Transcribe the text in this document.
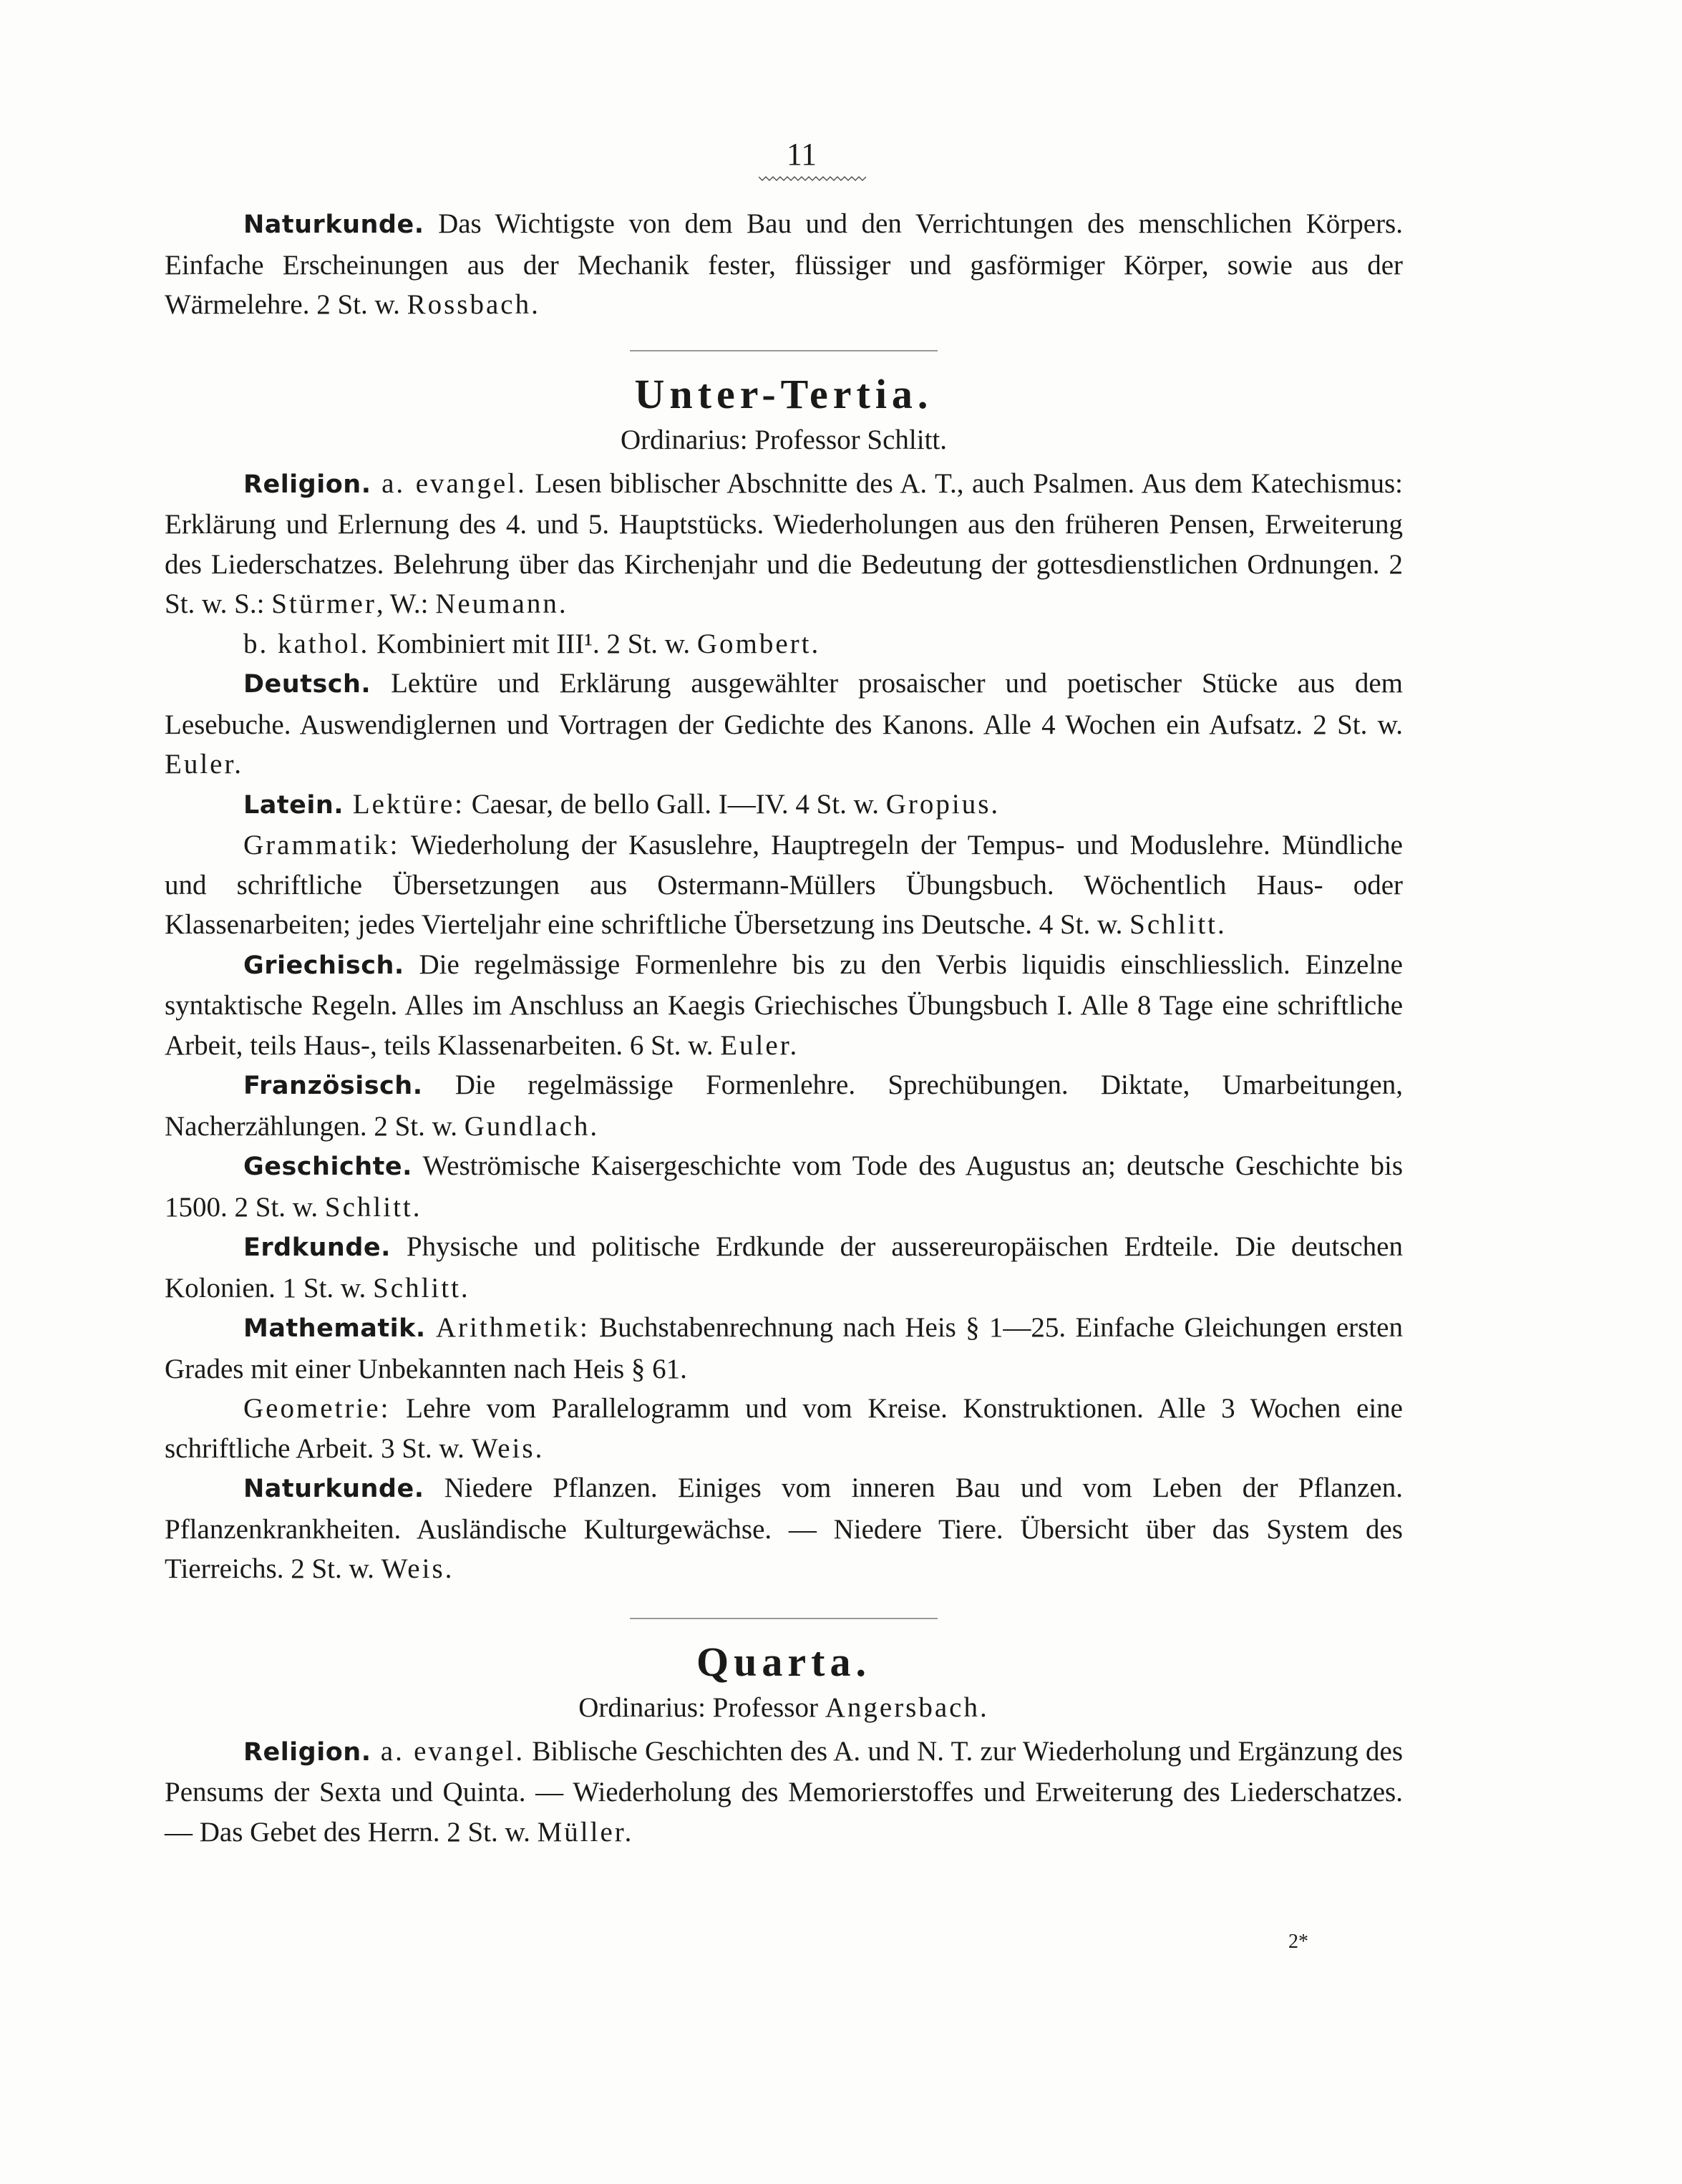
11

Naturkunde. Das Wichtigste von dem Bau und den Verrichtungen des menschlichen Körpers. Einfache Erscheinungen aus der Mechanik fester, flüssiger und gasförmiger Körper, sowie aus der Wärmelehre. 2 St. w. Rossbach.

Unter-Tertia.
Ordinarius: Professor Schlitt.

Religion. a. evangel. Lesen biblischer Abschnitte des A. T., auch Psalmen. Aus dem Katechismus: Erklärung und Erlernung des 4. und 5. Hauptstücks. Wiederholungen aus den früheren Pensen, Erweiterung des Liederschatzes. Belehrung über das Kirchenjahr und die Bedeutung der gottesdienstlichen Ordnungen. 2 St. w. S.: Stürmer, W.: Neumann.

b. kathol. Kombiniert mit III¹. 2 St. w. Gombert.

Deutsch. Lektüre und Erklärung ausgewählter prosaischer und poetischer Stücke aus dem Lesebuche. Auswendiglernen und Vortragen der Gedichte des Kanons. Alle 4 Wochen ein Aufsatz. 2 St. w. Euler.

Latein. Lektüre: Caesar, de bello Gall. I—IV. 4 St. w. Gropius.

Grammatik: Wiederholung der Kasuslehre, Hauptregeln der Tempus- und Moduslehre. Mündliche und schriftliche Übersetzungen aus Ostermann-Müllers Übungsbuch. Wöchentlich Haus- oder Klassenarbeiten; jedes Vierteljahr eine schriftliche Übersetzung ins Deutsche. 4 St. w. Schlitt.

Griechisch. Die regelmässige Formenlehre bis zu den Verbis liquidis einschliesslich. Einzelne syntaktische Regeln. Alles im Anschluss an Kaegis Griechisches Übungsbuch I. Alle 8 Tage eine schriftliche Arbeit, teils Haus-, teils Klassenarbeiten. 6 St. w. Euler.

Französisch. Die regelmässige Formenlehre. Sprechübungen. Diktate, Umarbeitungen, Nacherzählungen. 2 St. w. Gundlach.

Geschichte. Weströmische Kaisergeschichte vom Tode des Augustus an; deutsche Geschichte bis 1500. 2 St. w. Schlitt.

Erdkunde. Physische und politische Erdkunde der aussereuropäischen Erdteile. Die deutschen Kolonien. 1 St. w. Schlitt.

Mathematik. Arithmetik: Buchstabenrechnung nach Heis § 1—25. Einfache Gleichungen ersten Grades mit einer Unbekannten nach Heis § 61.

Geometrie: Lehre vom Parallelogramm und vom Kreise. Konstruktionen. Alle 3 Wochen eine schriftliche Arbeit. 3 St. w. Weis.

Naturkunde. Niedere Pflanzen. Einiges vom inneren Bau und vom Leben der Pflanzen. Pflanzenkrankheiten. Ausländische Kulturgewächse. — Niedere Tiere. Übersicht über das System des Tierreichs. 2 St. w. Weis.

Quarta.
Ordinarius: Professor Angersbach.

Religion. a. evangel. Biblische Geschichten des A. und N. T. zur Wiederholung und Ergänzung des Pensums der Sexta und Quinta. — Wiederholung des Memorierstoffes und Erweiterung des Liederschatzes. — Das Gebet des Herrn. 2 St. w. Müller.

2*
